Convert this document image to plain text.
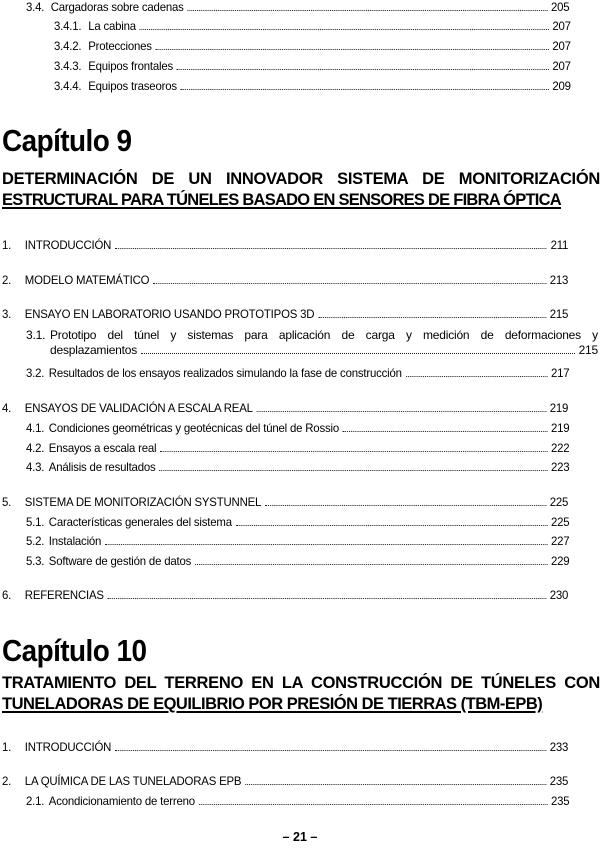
3.4. Cargadoras sobre cadenas	205
3.4.1. La cabina	207
3.4.2. Protecciones	207
3.4.3. Equipos frontales	207
3.4.4. Equipos traseoros	209
Capítulo 9
DETERMINACIÓN DE UN INNOVADOR SISTEMA DE MONITORIZACIÓN
ESTRUCTURAL PARA TÚNELES BASADO EN SENSORES DE FIBRA ÓPTICA
1.	INTRODUCCIÓN	211
2.	MODELO MATEMÁTICO	213
3.	ENSAYO EN LABORATORIO USANDO PROTOTIPOS 3D	215
3.1. Prototipo del túnel y sistemas para aplicación de carga y medición de deformaciones y
desplazamientos	215
3.2. Resultados de los ensayos realizados simulando la fase de construcción	217
4.	ENSAYOS DE VALIDACIÓN A ESCALA REAL	219
4.1. Condiciones geométricas y geotécnicas del túnel de Rossio	219
4.2. Ensayos a escala real	222
4.3. Análisis de resultados	223
5.	SISTEMA DE MONITORIZACIÓN SYSTUNNEL	225
5.1. Características generales del sistema	225
5.2. Instalación	227
5.3. Software de gestión de datos	229
6.	REFERENCIAS	230
Capítulo 10
TRATAMIENTO DEL TERRENO EN LA CONSTRUCCIÓN DE TÚNELES CON
TUNELADORAS DE EQUILIBRIO POR PRESIÓN DE TIERRAS (TBM-EPB)
1.	INTRODUCCIÓN	233
2.	LA QUÍMICA DE LAS TUNELADORAS EPB	235
2.1. Acondicionamiento de terreno	235
– 21 –
